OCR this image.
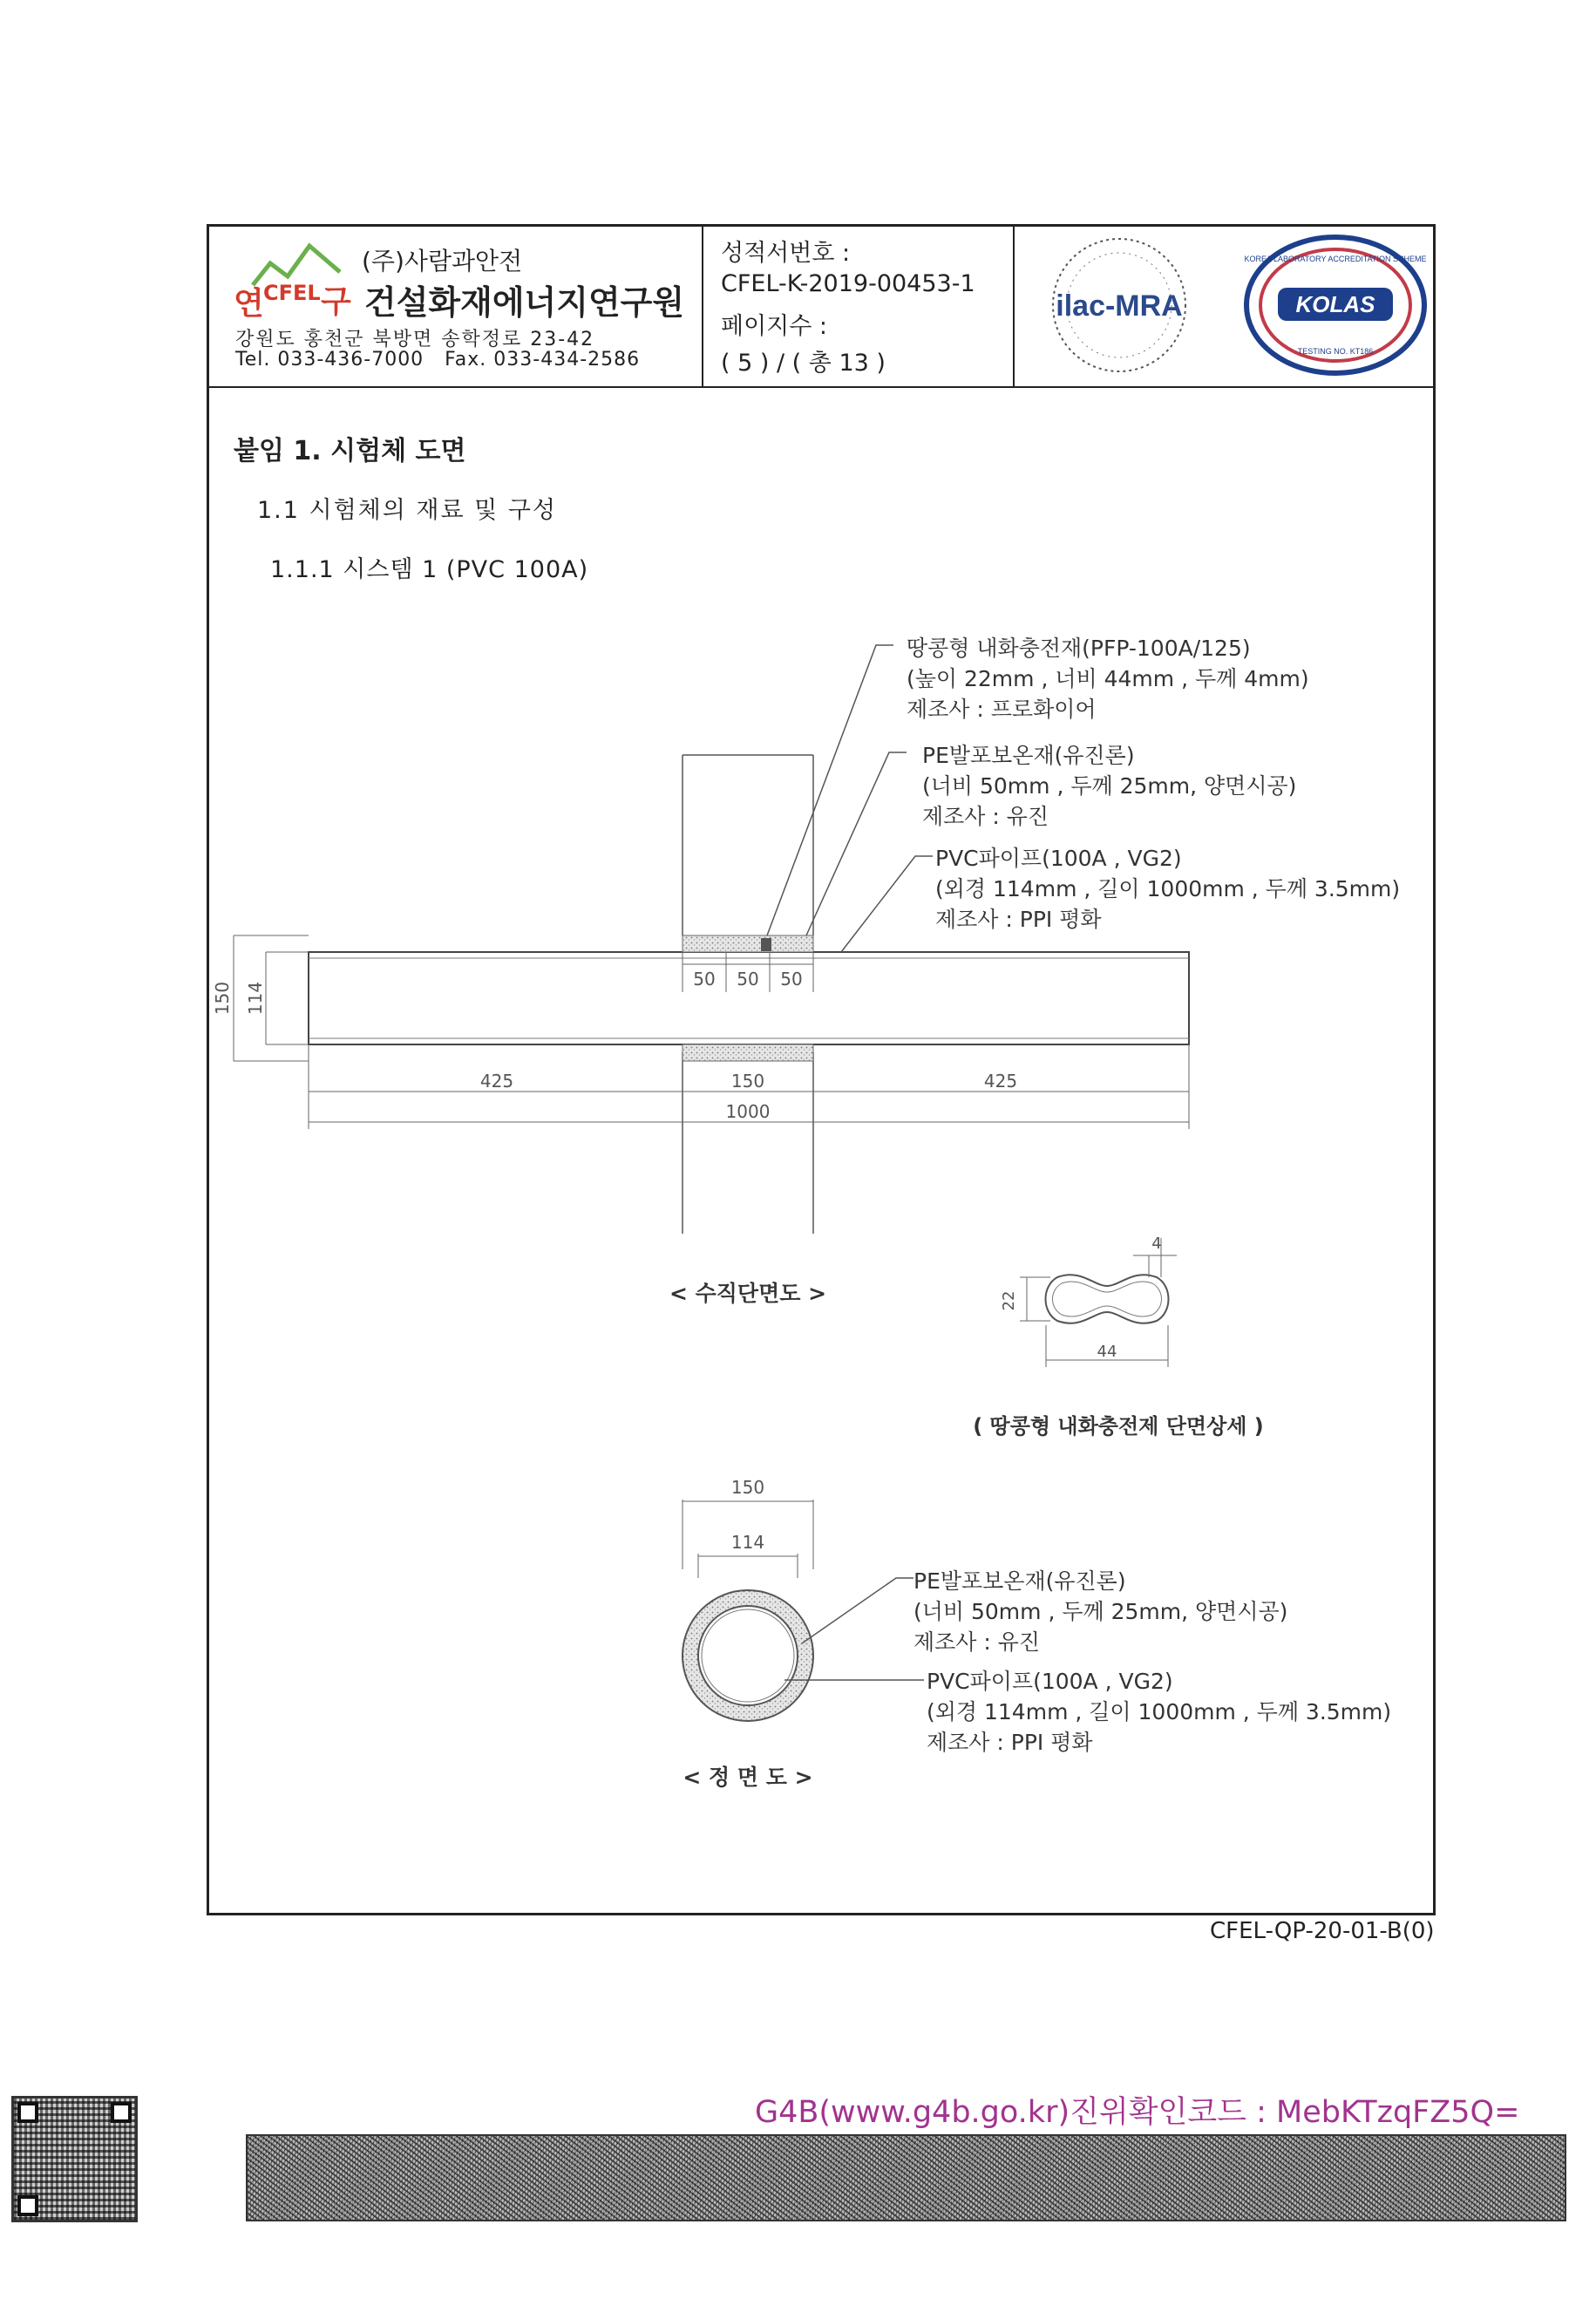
연 CFEL 구
(주)사람과안전
건설화재에너지연구원
강원도 홍천군 북방면 송학정로 23-42
Tel. 033-436-7000   Fax. 033-434-2586
성적서번호 :
CFEL-K-2019-00453-1
페이지수 :
( 5 ) / ( 총 13 )
ilac-MRA	KOLAS
KOREA LABORATORY ACCREDITATION SCHEME
TESTING NO. KT186
붙임 1. 시험체 도면
1.1 시험체의 재료 및 구성
1.1.1 시스템 1 (PVC 100A)
50 50 50
150 114
425	150	425
1000
땅콩형 내화충전재(PFP-100A/125)
(높이 22mm , 너비 44mm , 두께 4mm)
제조사 : 프로화이어
PE발포보온재(유진론)
(너비 50mm , 두께 25mm, 양면시공)
제조사 : 유진
PVC파이프(100A , VG2)
(외경 114mm , 길이 1000mm , 두께 3.5mm)
제조사 : PPI 평화
< 수직단면도 >
4
22
44
( 땅콩형 내화충전제 단면상세 )
150
114
PE발포보온재(유진론)
(너비 50mm , 두께 25mm, 양면시공)
제조사 : 유진
PVC파이프(100A , VG2)
(외경 114mm , 길이 1000mm , 두께 3.5mm)
제조사 : PPI 평화
< 정 면 도 >
CFEL-QP-20-01-B(0)
G4B(www.g4b.go.kr)진위확인코드 : MebKTzqFZ5Q=
